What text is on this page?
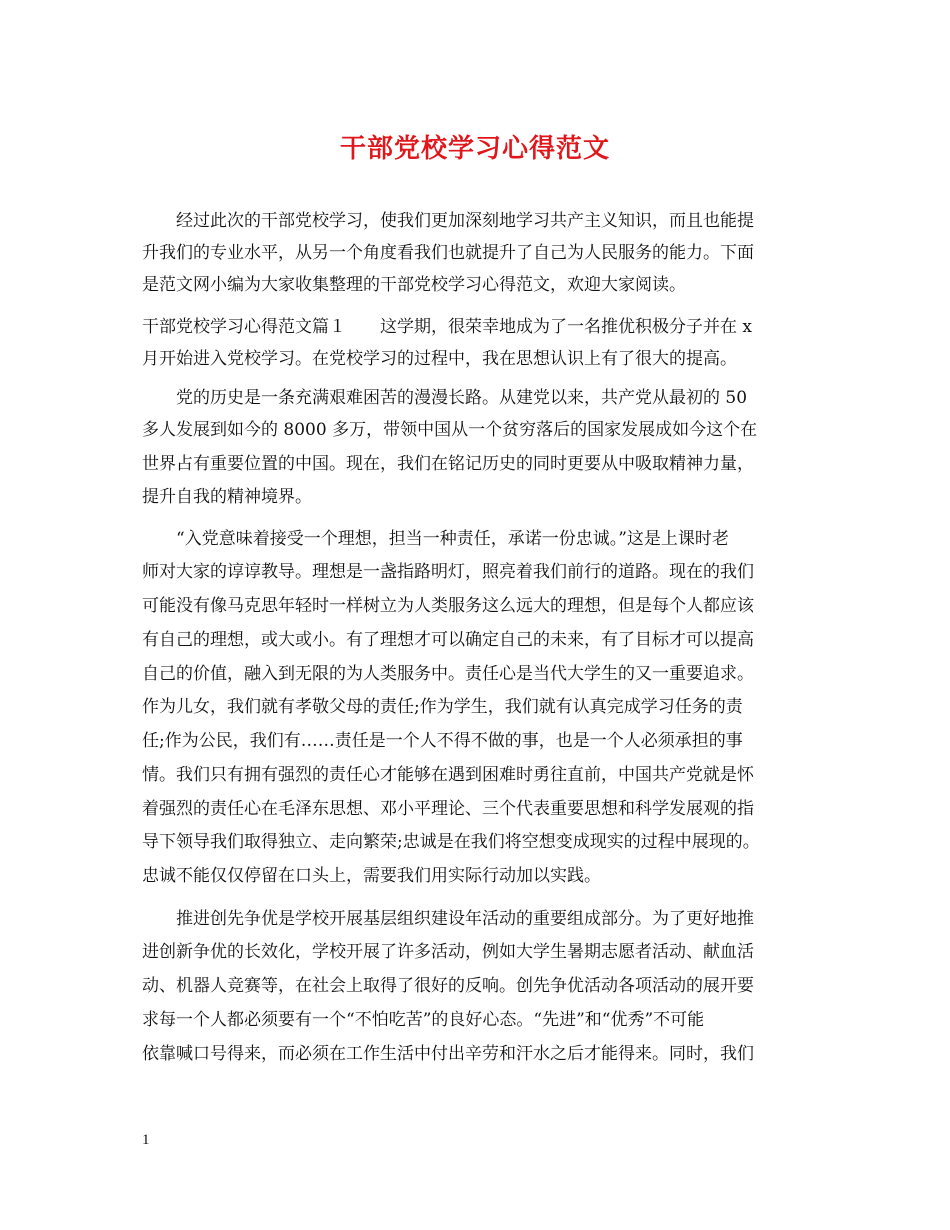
干部党校学习心得范文
　　经过此次的干部党校学习，使我们更加深刻地学习共产主义知识，而且也能提
升我们的专业水平，从另一个角度看我们也就提升了自己为人民服务的能力。下面
是范文网小编为大家收集整理的干部党校学习心得范文，欢迎大家阅读。
干部党校学习心得范文篇１　　这学期，很荣幸地成为了一名推优积极分子并在 x
月开始进入党校学习。在党校学习的过程中，我在思想认识上有了很大的提高。
　　党的历史是一条充满艰难困苦的漫漫长路。从建党以来，共产党从最初的 50
多人发展到如今的 8000 多万，带领中国从一个贫穷落后的国家发展成如今这个在
世界占有重要位置的中国。现在，我们在铭记历史的同时更要从中吸取精神力量，
提升自我的精神境界。
　　“入党意味着接受一个理想，担当一种责任，承诺一份忠诚。”这是上课时老
师对大家的谆谆教导。理想是一盏指路明灯，照亮着我们前行的道路。现在的我们
可能没有像马克思年轻时一样树立为人类服务这么远大的理想，但是每个人都应该
有自己的理想，或大或小。有了理想才可以确定自己的未来，有了目标才可以提高
自己的价值，融入到无限的为人类服务中。责任心是当代大学生的又一重要追求。
作为儿女，我们就有孝敬父母的责任;作为学生，我们就有认真完成学习任务的责
任;作为公民，我们有……责任是一个人不得不做的事，也是一个人必须承担的事
情。我们只有拥有强烈的责任心才能够在遇到困难时勇往直前，中国共产党就是怀
着强烈的责任心在毛泽东思想、邓小平理论、三个代表重要思想和科学发展观的指
导下领导我们取得独立、走向繁荣;忠诚是在我们将空想变成现实的过程中展现的。
忠诚不能仅仅停留在口头上，需要我们用实际行动加以实践。
　　推进创先争优是学校开展基层组织建设年活动的重要组成部分。为了更好地推
进创新争优的长效化，学校开展了许多活动，例如大学生暑期志愿者活动、献血活
动、机器人竞赛等，在社会上取得了很好的反响。创先争优活动各项活动的展开要
求每一个人都必须要有一个“不怕吃苦”的良好心态。“先进”和“优秀”不可能
依靠喊口号得来，而必须在工作生活中付出辛劳和汗水之后才能得来。同时，我们
1
